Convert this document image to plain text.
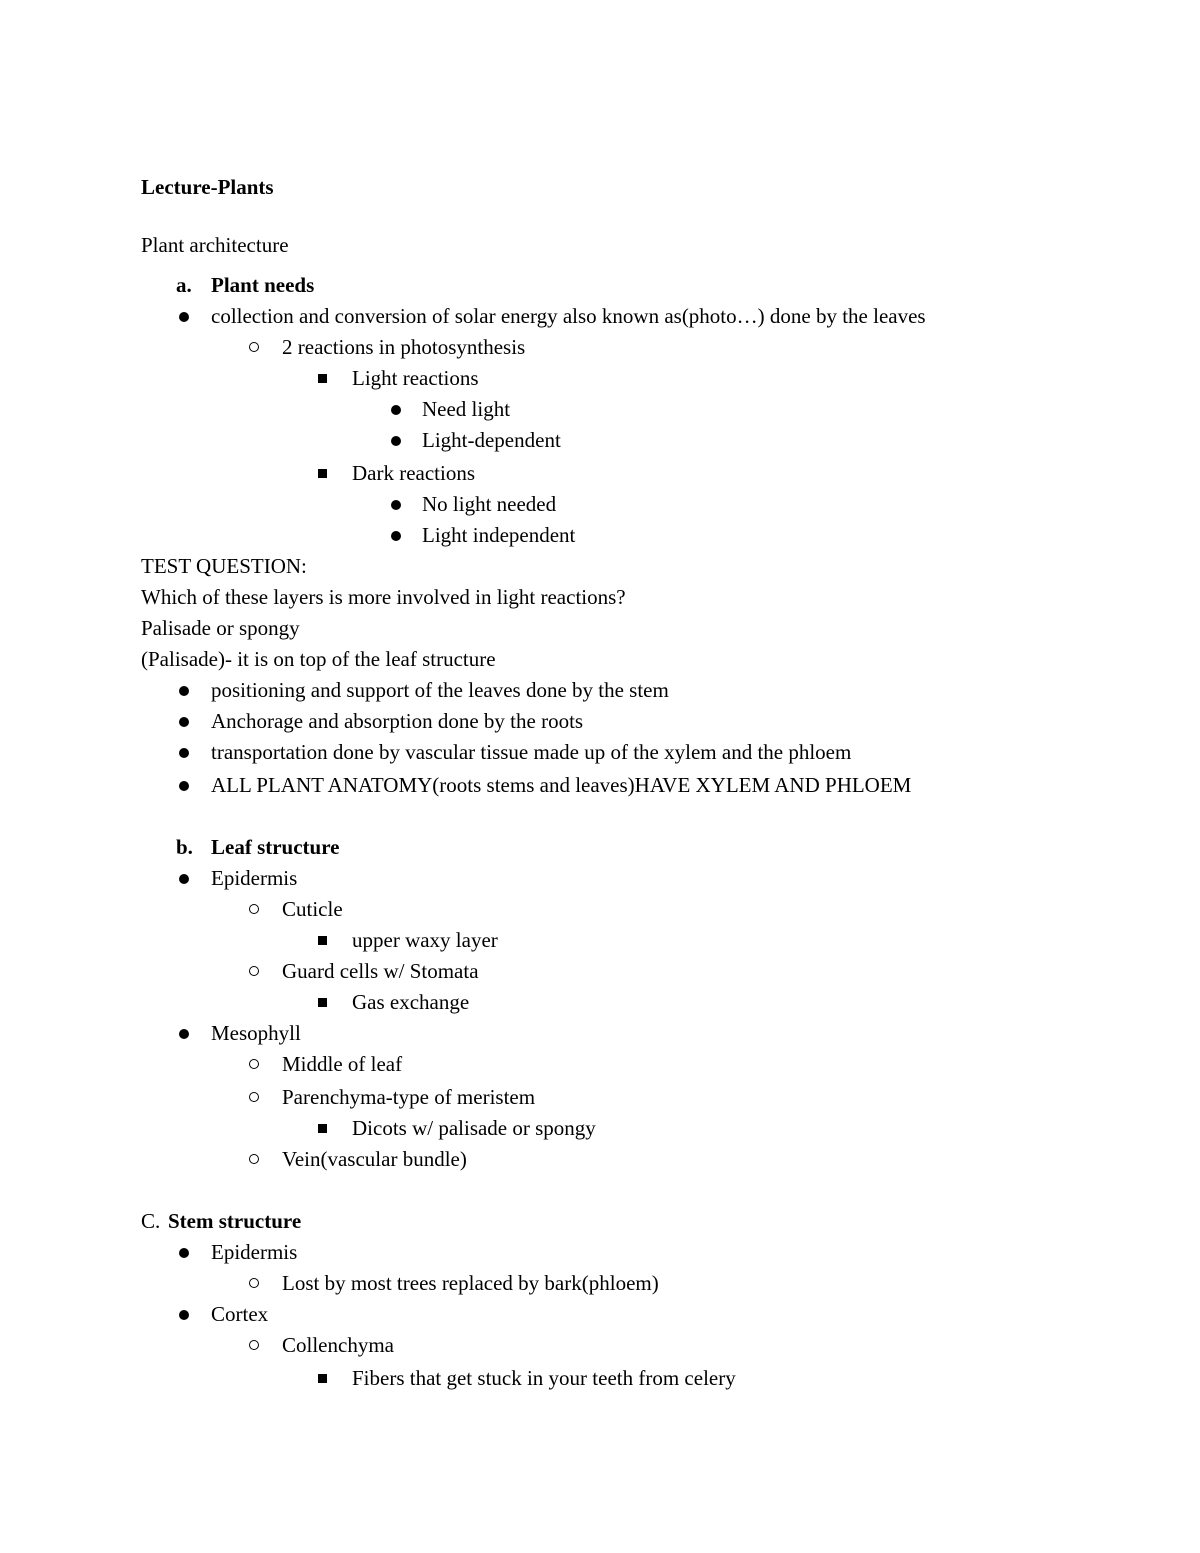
Lecture-Plants
Plant architecture
a. Plant needs
collection and conversion of solar energy also known as(photo…) done by the leaves
2 reactions in photosynthesis
Light reactions
Need light
Light-dependent
Dark reactions
No light needed
Light independent
TEST QUESTION:
Which of these layers is more involved in light reactions?
Palisade or spongy
(Palisade)- it is on top of the leaf structure
positioning and support of the leaves done by the stem
Anchorage and absorption done by the roots
transportation done by vascular tissue made up of the xylem and the phloem
ALL PLANT ANATOMY(roots stems and leaves)HAVE XYLEM AND PHLOEM
b. Leaf structure
Epidermis
Cuticle
upper waxy layer
Guard cells w/ Stomata
Gas exchange
Mesophyll
Middle of leaf
Parenchyma-type of meristem
Dicots w/ palisade or spongy
Vein(vascular bundle)
C. Stem structure
Epidermis
Lost by most trees replaced by bark(phloem)
Cortex
Collenchyma
Fibers that get stuck in your teeth from celery
